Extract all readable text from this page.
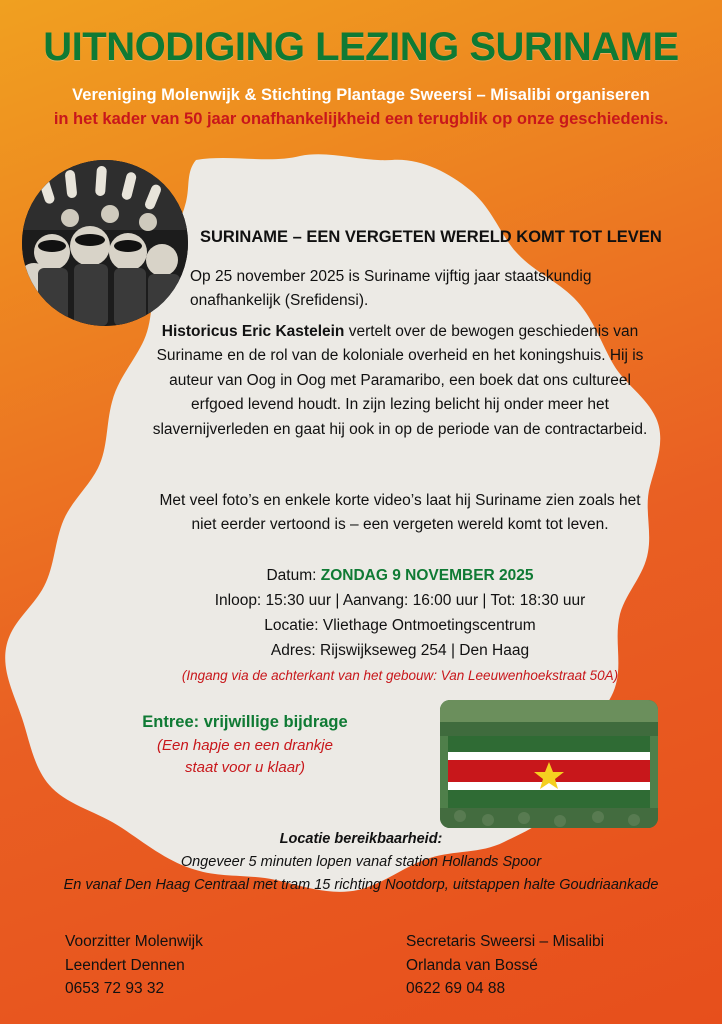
UITNODIGING LEZING SURINAME
Vereniging Molenwijk & Stichting Plantage Sweersi – Misalibi organiseren
in het kader van 50 jaar onafhankelijkheid een terugblik op onze geschiedenis.
SURINAME – EEN VERGETEN WERELD KOMT TOT LEVEN
Op 25 november 2025 is Suriname vijftig jaar staatskundig onafhankelijk (Srefidensi).
Historicus Eric Kastelein vertelt over de bewogen geschiedenis van Suriname en de rol van de koloniale overheid en het koningshuis. Hij is auteur van Oog in Oog met Paramaribo, een boek dat ons cultureel erfgoed levend houdt. In zijn lezing belicht hij onder meer het slavernijverleden en gaat hij ook in op de periode van de contractarbeid.
Met veel foto’s en enkele korte video’s laat hij Suriname zien zoals het niet eerder vertoond is – een vergeten wereld komt tot leven.
Datum: ZONDAG 9 NOVEMBER 2025
Inloop: 15:30 uur | Aanvang: 16:00 uur | Tot: 18:30 uur
Locatie: Vliethage Ontmoetingscentrum
Adres: Rijswijkseweg 254 | Den Haag
(Ingang via de achterkant van het gebouw: Van Leeuwenhoekstraat 50A)
Entree: vrijwillige bijdrage
(Een hapje en een drankje
staat voor u klaar)
Locatie bereikbaarheid:
Ongeveer 5 minuten lopen vanaf station Hollands Spoor
En vanaf Den Haag Centraal met tram 15 richting Nootdorp, uitstappen halte Goudriaankade
Voorzitter Molenwijk
Leendert Dennen
0653 72 93 32
Secretaris Sweersi – Misalibi
Orlanda van Bossé
0622 69 04 88
